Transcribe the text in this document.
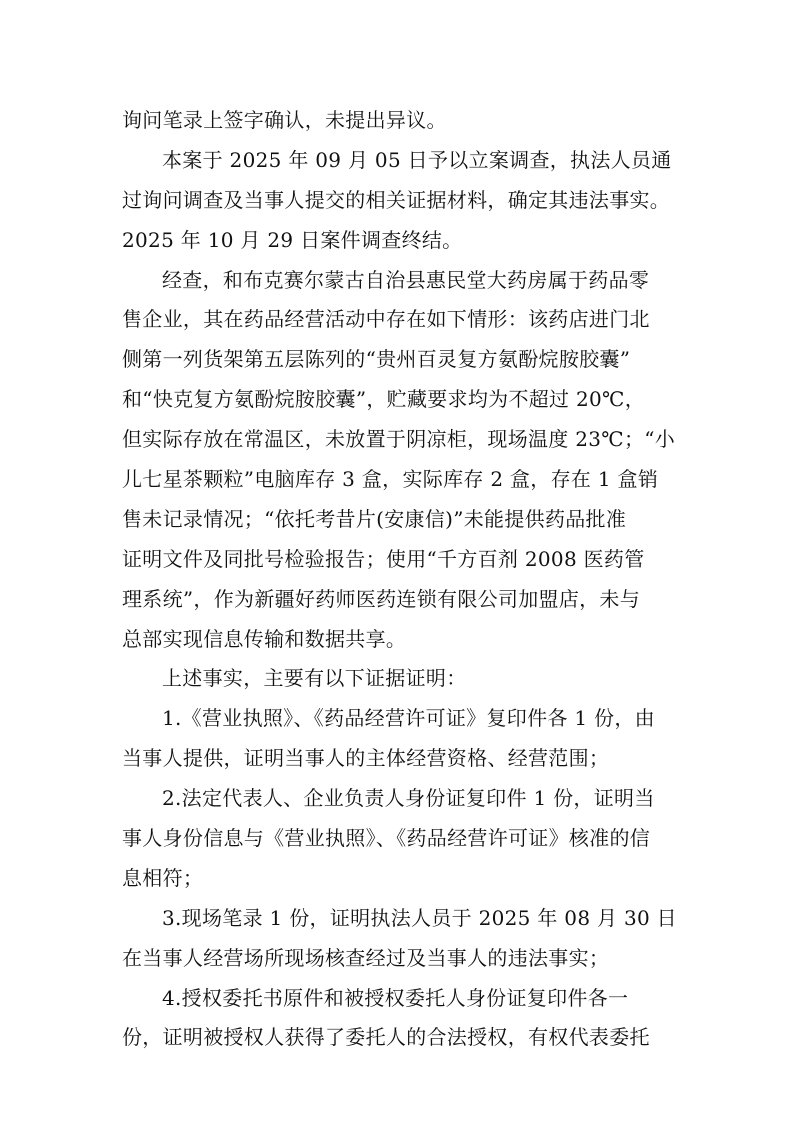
询问笔录上签字确认，未提出异议。
本案于 2025 年 09 月 05 日予以立案调查，执法人员通
过询问调查及当事人提交的相关证据材料，确定其违法事实。
2025 年 10 月 29 日案件调查终结。
经查，和布克赛尔蒙古自治县惠民堂大药房属于药品零
售企业，其在药品经营活动中存在如下情形：该药店进门北
侧第一列货架第五层陈列的“贵州百灵复方氨酚烷胺胶囊”
和“快克复方氨酚烷胺胶囊”，贮藏要求均为不超过 20℃，
但实际存放在常温区，未放置于阴凉柜，现场温度 23℃；“小
儿七星茶颗粒”电脑库存 3 盒，实际库存 2 盒，存在 1 盒销
售未记录情况；“依托考昔片(安康信)”未能提供药品批准
证明文件及同批号检验报告；使用“千方百剂 2008 医药管
理系统”，作为新疆好药师医药连锁有限公司加盟店，未与
总部实现信息传输和数据共享。
上述事实，主要有以下证据证明：
1.《营业执照》、《药品经营许可证》复印件各 1 份，由
当事人提供，证明当事人的主体经营资格、经营范围；
2.法定代表人、企业负责人身份证复印件 1 份，证明当
事人身份信息与《营业执照》、《药品经营许可证》核准的信
息相符；
3.现场笔录 1 份，证明执法人员于 2025 年 08 月 30 日
在当事人经营场所现场核查经过及当事人的违法事实；
4.授权委托书原件和被授权委托人身份证复印件各一
份，证明被授权人获得了委托人的合法授权，有权代表委托
